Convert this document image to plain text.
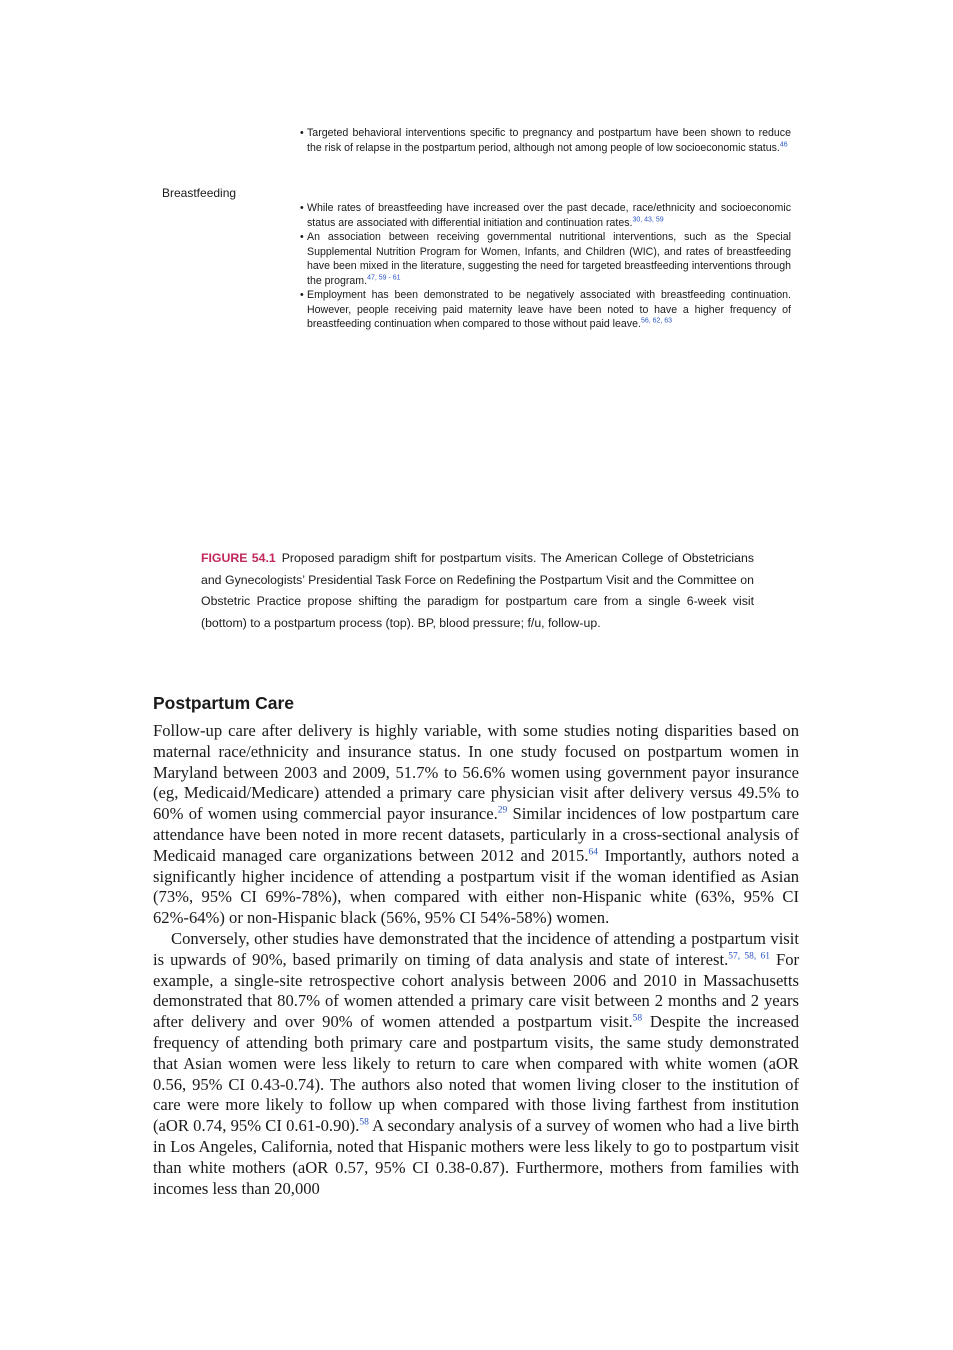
• Targeted behavioral interventions specific to pregnancy and postpartum have been shown to reduce the risk of relapse in the postpartum period, although not among people of low socioeconomic status.$^{46}$
Breastfeeding
• While rates of breastfeeding have increased over the past decade, race/ethnicity and socioeconomic status are associated with differential initiation and continuation rates.$^{30, 43, 59}$
• An association between receiving governmental nutritional interventions, such as the Special Supplemental Nutrition Program for Women, Infants, and Children (WIC), and rates of breastfeeding have been mixed in the literature, suggesting the need for targeted breastfeeding interventions through the program.$^{47, 59 - 61}$
• Employment has been demonstrated to be negatively associated with breastfeeding continuation. However, people receiving paid maternity leave have been noted to have a higher frequency of breastfeeding continuation when compared to those without paid leave.$^{56, 62, 63}$
FIGURE 54.1 Proposed paradigm shift for postpartum visits. The American College of Obstetricians and Gynecologists’ Presidential Task Force on Redefining the Postpartum Visit and the Committee on Obstetric Practice propose shifting the paradigm for postpartum care from a single 6-week visit (bottom) to a postpartum process (top). BP, blood pressure; f/u, follow-up.
Postpartum Care

Follow-up care after delivery is highly variable, with some studies noting disparities based on maternal race/ethnicity and insurance status. In one study focused on postpartum women in Maryland between 2003 and 2009, 51.7% to 56.6% women using government payor insurance (eg, Medicaid/Medicare) attended a primary care physician visit after delivery versus 49.5% to 60% of women using commercial payor insurance.$^{29}$ Similar incidences of low postpartum care attendance have been noted in more recent datasets, particularly in a cross-sectional analysis of Medicaid managed care organizations between 2012 and 2015.64 Importantly, authors noted a significantly higher incidence of attending a postpartum visit if the woman identified as Asian (73%, 95% CI 69%-78%), when compared with either non-Hispanic white (63%, 95% CI 62%-64%) or non-Hispanic black (56%, 95% CI 54%-58%) women.

Conversely, other studies have demonstrated that the incidence of attending a postpartum visit is upwards of 90%, based primarily on timing of data analysis and state of interest.$^{57, 58, 61}$ For example, a single-site retrospective cohort analysis between 2006 and 2010 in Massachusetts demonstrated that 80.7% of women attended a primary care visit between 2 months and 2 years after delivery and over 90% of women attended a postpartum visit.$^{58}$ Despite the increased frequency of attending both primary care and postpartum visits, the same study demonstrated that Asian women were less likely to return to care when compared with white women (aOR 0.56, 95% CI 0.43-0.74). The authors also noted that women living closer to the institution of care were more likely to follow up when compared with those living farthest from institution (aOR 0.74, 95% CI 0.61-0.90).$^{58}$ A secondary analysis of a survey of women who had a live birth in Los Angeles, California, noted that Hispanic mothers were less likely to go to postpartum visit than white mothers (aOR 0.57, 95% CI 0.38-0.87). Furthermore, mothers from families with incomes less than 20,000
